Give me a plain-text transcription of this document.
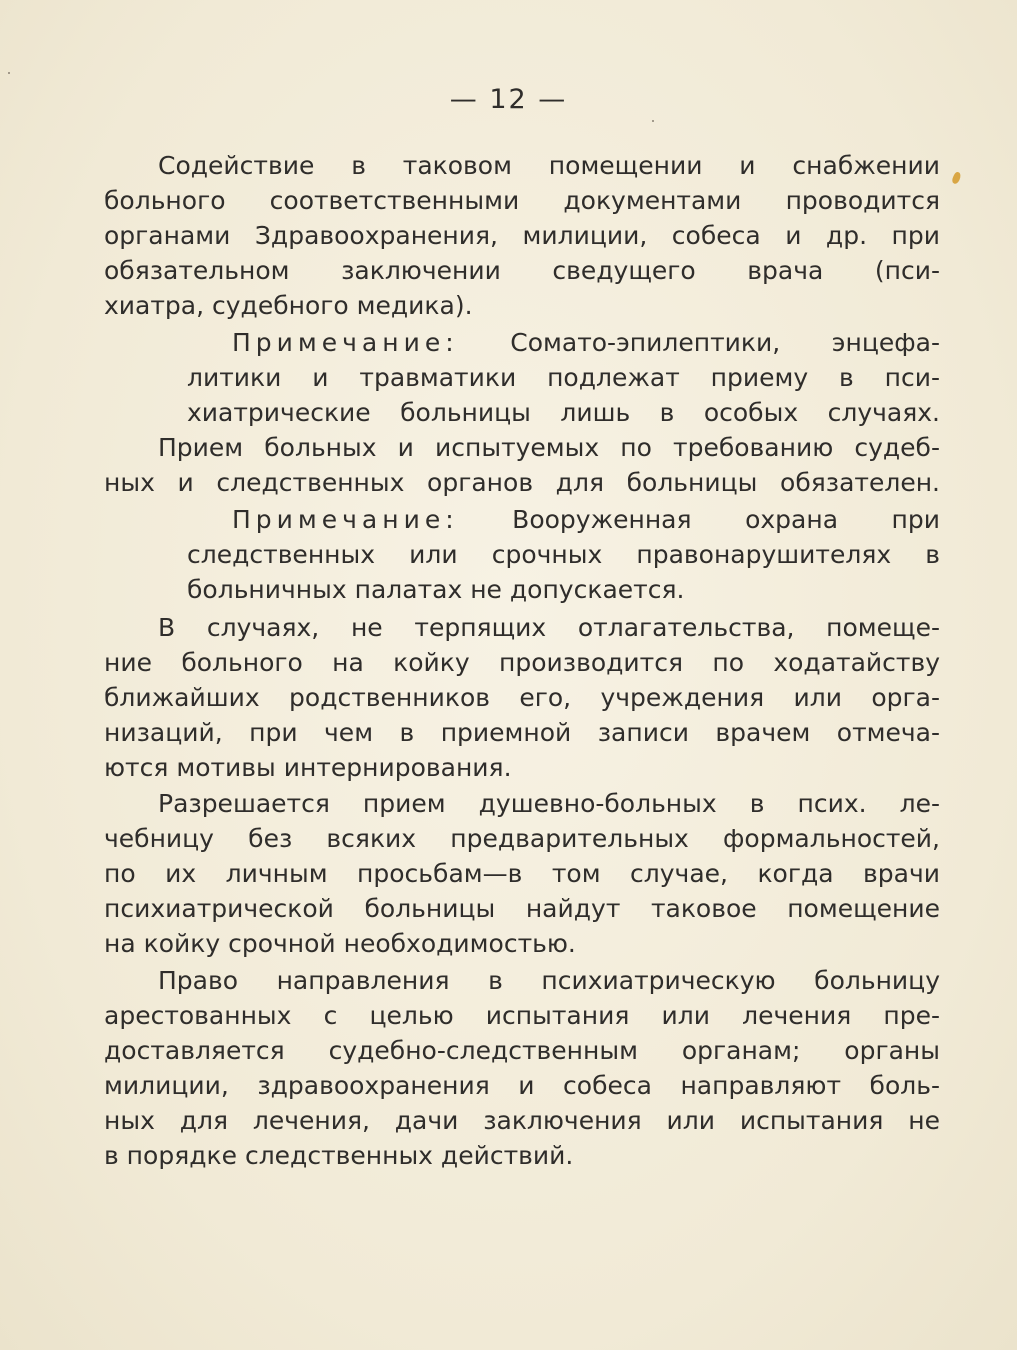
— 12 —
Содействие в таковом помещении и снабжении
больного соответственными документами проводится
органами Здравоохранения, милиции, собеса и др. при
обязательном заключении сведущего врача (пси-
хиатра, судебного медика).
Примечание: Сомато-эпилептики, энцефа-
литики и травматики подлежат приему в пси-
хиатрические больницы лишь в особых случаях.
Прием больных и испытуемых по требованию судеб-
ных и следственных органов для больницы обязателен.
Примечание: Вооруженная охрана при
следственных или срочных правонарушителях в
больничных палатах не допускается.
В случаях, не терпящих отлагательства, помеще-
ние больного на койку производится по ходатайству
ближайших родственников его, учреждения или орга-
низаций, при чем в приемной записи врачем отмеча-
ются мотивы интернирования.
Разрешается прием душевно-больных в псих. ле-
чебницу без всяких предварительных формальностей,
по их личным просьбам—в том случае, когда врачи
психиатрической больницы найдут таковое помещение
на койку срочной необходимостью.
Право направления в психиатрическую больницу
арестованных с целью испытания или лечения пре-
доставляется судебно-следственным органам; органы
милиции, здравоохранения и собеса направляют боль-
ных для лечения, дачи заключения или испытания не
в порядке следственных действий.
